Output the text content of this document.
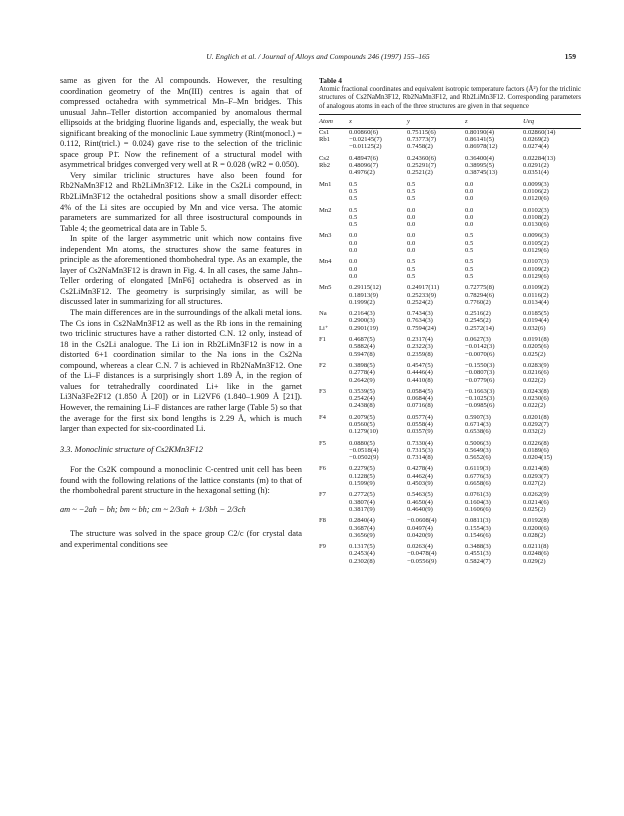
U. Englich et al. / Journal of Alloys and Compounds 246 (1997) 155–165	159

same as given for the Al compounds. However, the resulting coordination geometry of the Mn(III) centres is again that of compressed octahedra with symmetrical Mn–F–Mn bridges. This unusual Jahn–Teller distortion accompanied by anomalous thermal ellipsoids at the bridging fluorine ligands and, especially, the weak but significant breaking of the monoclinic Laue symmetry (Rint(monocl.) = 0.112, Rint(tricl.) = 0.024) gave rise to the selection of the triclinic space group P1̄. Now the refinement of a structural model with asymmetrical bridges converged very well at R = 0.028 (wR2 = 0.050).

Very similar triclinic structures have also been found for Rb2NaMn3F12 and Rb2LiMn3F12. Like in the Cs2Li compound, in Rb2LiMn3F12 the octahedral positions show a small disorder effect: 4% of the Li sites are occupied by Mn and vice versa. The atomic parameters are summarized for all three isostructural compounds in Table 4; the geometrical data are in Table 5.

In spite of the larger asymmetric unit which now contains five independent Mn atoms, the structures show the same features in principle as the aforementioned thombohedral type. As an example, the layer of Cs2NaMn3F12 is drawn in Fig. 4. In all cases, the same Jahn–Teller ordering of elongated [MnF6] octahedra is observed as in Cs2LiMn3F12. The geometry is surprisingly similar, as will be discussed later in summarizing for all structures.

The main differences are in the surroundings of the alkali metal ions. The Cs ions in Cs2NaMn3F12 as well as the Rb ions in the remaining two triclinic structures have a rather distorted C.N. 12 only, instead of 18 in the Cs2Li analogue. The Li ion in Rb2LiMn3F12 is now in a distorted 6+1 coordination similar to the Na ions in the Cs2Na compound, whereas a clear C.N. 7 is achieved in Rb2NaMn3F12. One of the Li–F distances is a surprisingly short 1.89 Å, in the region of values for tetrahedrally coordinated Li+ like in the garnet Li3Na3Fe2F12 (1.850 Å [20]) or in Li2VF6 (1.840–1.909 Å [21]). However, the remaining Li–F distances are rather large (Table 5) so that the average for the first six bond lengths is 2.29 Å, which is much larger than expected for six-coordinated Li.

3.3. Monoclinic structure of Cs2KMn3F12

For the Cs2K compound a monoclinic C-centred unit cell has been found with the following relations of the lattice constants (m) to that of the rhombohedral parent structure in the hexagonal setting (h):

am ~ −2ah − bh; bm ~ bh; cm ~ 2/3ah + 1/3bh − 2/3ch

The structure was solved in the space group C2/c (for crystal data and experimental conditions see

Table 4
Atomic fractional coordinates and equivalent isotropic temperature factors (Å²) for the triclinic structures of Cs2NaMn3F12, Rb2NaMn3F12, and Rb2LiMn3F12. Corresponding parameters of analogous atoms in each of the three structures are given in that sequence
Atom	x	y	z	Ueq
Cs1	0.00860(6)	0.75115(6)	0.80190(4)	0.02860(14)
Rb1	−0.02145(7)	0.73773(7)	0.86141(5)	0.0269(2)
	−0.01125(2)	0.7458(2)	0.86978(12)	0.0274(4)
Cs2	0.48947(6)	0.24360(6)	0.36400(4)	0.02284(13)
Rb2	0.48096(7)	0.25291(7)	0.38995(5)	0.0291(2)
	0.4976(2)	0.2521(2)	0.38745(13)	0.0351(4)
Mn1	0.5	0.5	0.0	0.0099(3)
	0.5	0.5	0.0	0.0106(2)
	0.5	0.5	0.0	0.0120(6)
Mn2	0.5	0.0	0.0	0.0102(3)
	0.5	0.0	0.0	0.0108(2)
	0.5	0.0	0.0	0.0130(6)
Mn3	0.0	0.0	0.5	0.0096(3)
	0.0	0.0	0.5	0.0105(2)
	0.0	0.0	0.5	0.0129(6)
Mn4	0.0	0.5	0.5	0.0107(3)
	0.0	0.5	0.5	0.0109(2)
	0.0	0.5	0.5	0.0129(6)
Mn5	0.29115(12)	0.24917(11)	0.72775(8)	0.0109(2)
	0.18913(9)	0.25233(9)	0.78294(6)	0.0116(2)
	0.1999(2)	0.2524(2)	0.7760(2)	0.0134(4)
Na	0.2164(3)	0.7434(3)	0.2516(2)	0.0185(5)
	0.2900(3)	0.7634(3)	0.2545(2)	0.0194(4)
Li⁺	0.2901(19)	0.7594(24)	0.2572(14)	0.032(6)
F1	0.4687(5)	0.2317(4)	0.0627(3)	0.0191(8)
	0.5882(4)	0.2322(3)	−0.0142(3)	0.0205(6)
	0.5947(8)	0.2359(8)	−0.0070(6)	0.025(2)
F2	0.3898(5)	0.4547(5)	−0.1550(3)	0.0283(9)
	0.2778(4)	0.4446(4)	−0.0807(3)	0.0216(6)
	0.2642(9)	0.4410(8)	−0.0779(6)	0.022(2)
F3	0.3539(5)	0.0584(5)	−0.1663(3)	0.0243(8)
	0.2542(4)	0.0684(4)	−0.1025(3)	0.0230(6)
	0.2438(8)	0.0716(8)	−0.0985(6)	0.022(2)
F4	0.2079(5)	0.0577(4)	0.5907(3)	0.0201(8)
	0.0560(5)	0.0558(4)	0.6714(3)	0.0292(7)
	0.1279(10)	0.0357(9)	0.6538(6)	0.032(2)
F5	0.0880(5)	0.7330(4)	0.5006(3)	0.0226(8)
	−0.0518(4)	0.7315(3)	0.5649(3)	0.0189(6)
	−0.0502(9)	0.7314(8)	0.5652(6)	0.0204(15)
F6	0.2279(5)	0.4278(4)	0.6119(3)	0.0214(8)
	0.1228(5)	0.4462(4)	0.6776(3)	0.0293(7)
	0.1599(9)	0.4503(9)	0.6658(6)	0.027(2)
F7	0.2772(5)	0.5463(5)	0.0761(3)	0.0262(9)
	0.3807(4)	0.4650(4)	0.1604(3)	0.0214(6)
	0.3817(9)	0.4640(9)	0.1606(6)	0.025(2)
F8	0.2840(4)	−0.0608(4)	0.0811(3)	0.0192(8)
	0.3687(4)	0.0497(4)	0.1554(3)	0.0200(6)
	0.3656(9)	0.0420(9)	0.1546(6)	0.028(2)
F9	0.1317(5)	0.0263(4)	0.3488(3)	0.0211(8)
	0.2453(4)	−0.0478(4)	0.4551(3)	0.0248(6)
	0.2302(8)	−0.0556(9)	0.5824(7)	0.029(2)
